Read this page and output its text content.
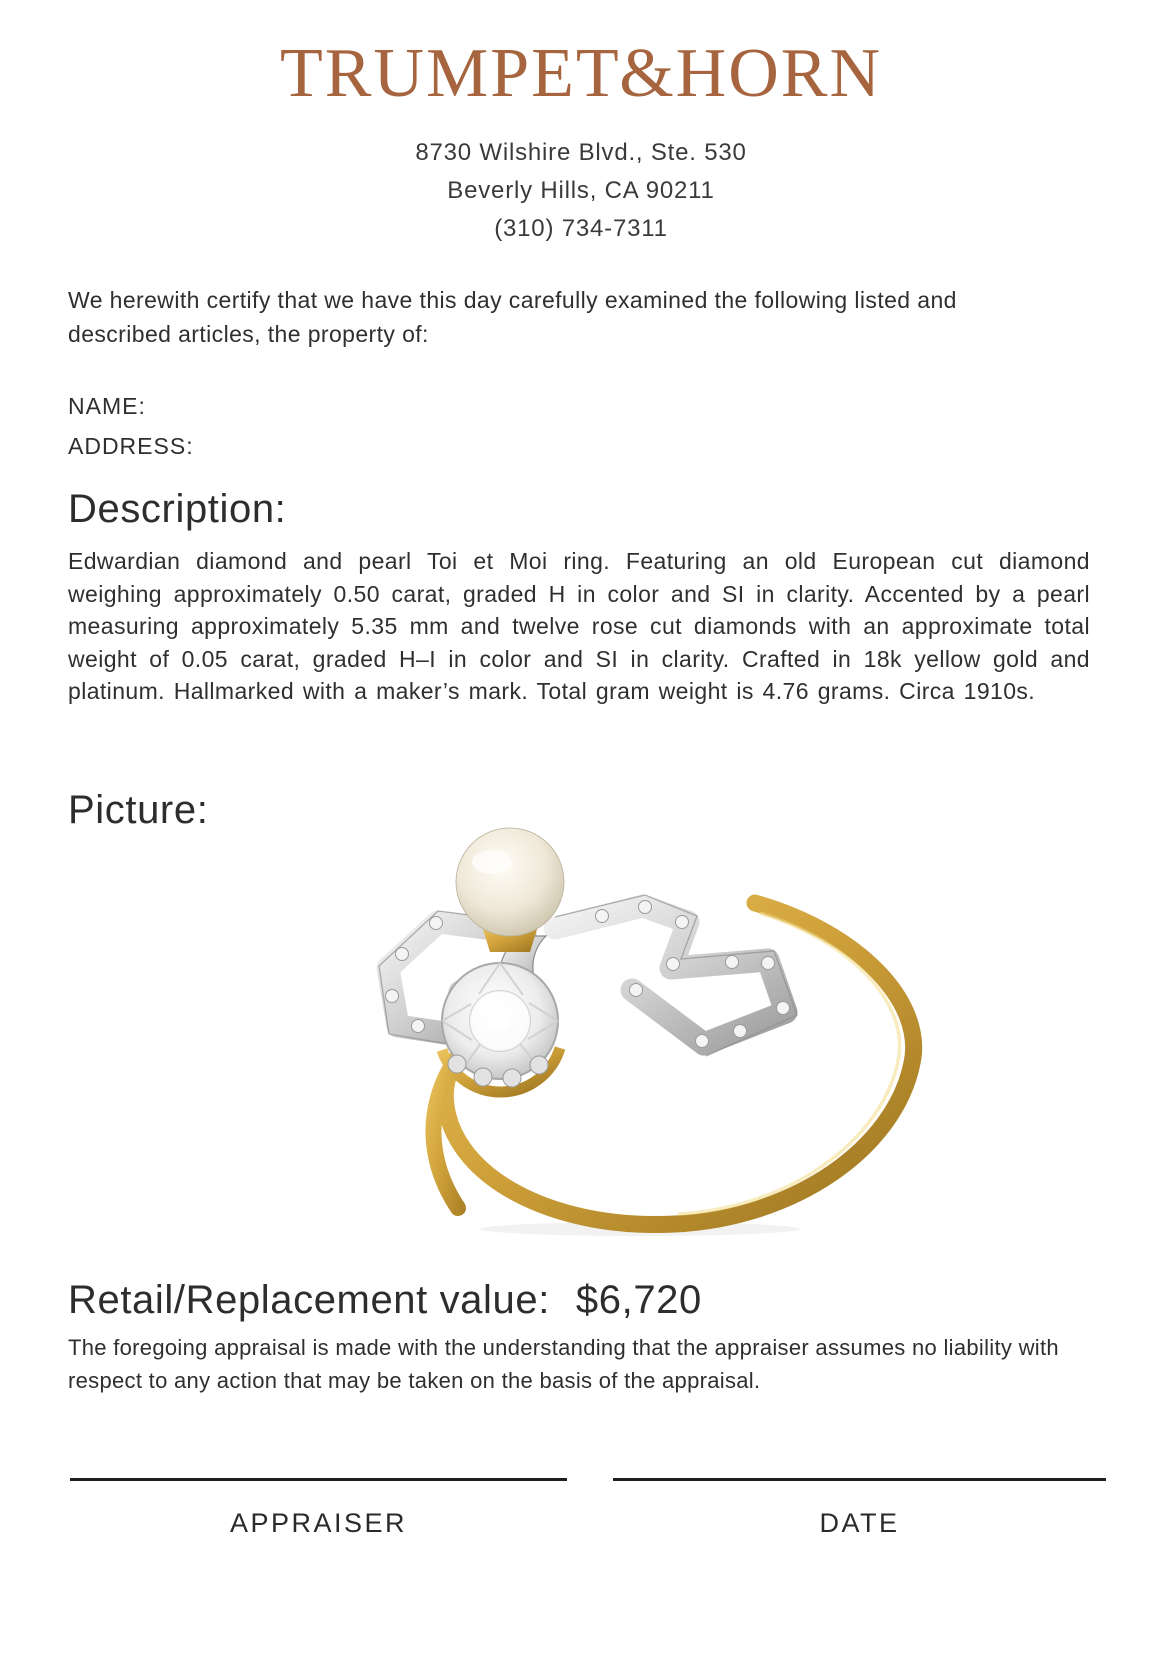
TRUMPET & HORN
8730 Wilshire Blvd., Ste. 530
Beverly Hills, CA 90211
(310) 734-7311

We herewith certify that we have this day carefully examined the following listed and described articles, the property of:

NAME:
ADDRESS:
Description:

Edwardian diamond and pearl Toi et Moi ring. Featuring an old European cut diamond weighing approximately 0.50 carat, graded H in color and SI in clarity. Accented by a pearl measuring approximately 5.35 mm and twelve rose cut diamonds with an approximate total weight of 0.05 carat, graded H–I in color and SI in clarity. Crafted in 18k yellow gold and platinum. Hallmarked with a maker’s mark. Total gram weight is 4.76 grams. Circa 1910s.

Picture:
Retail/Replacement value: $6,720

The foregoing appraisal is made with the understanding that the appraiser assumes no liability with respect to any action that may be taken on the basis of the appraisal.

APPRAISER	DATE
